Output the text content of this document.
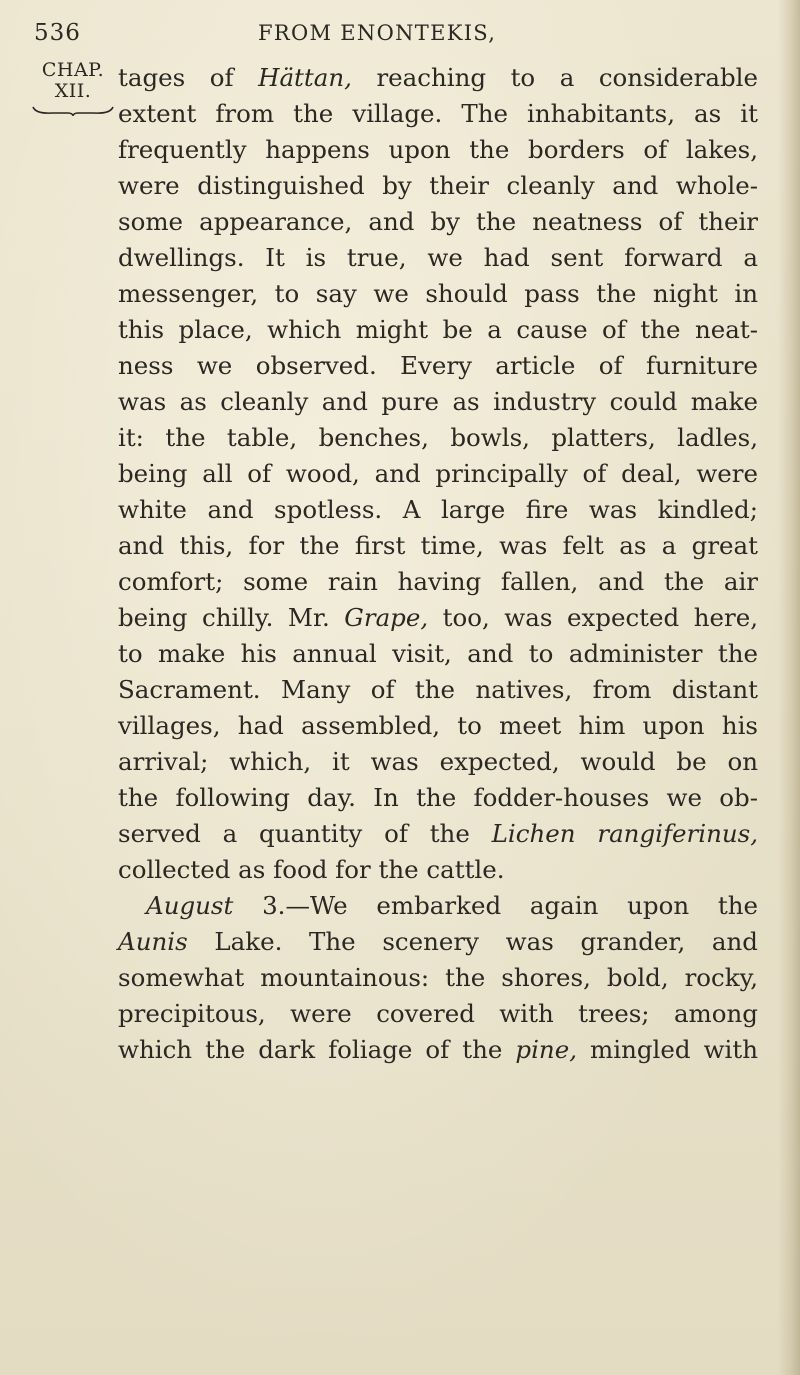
536	FROM ENONTEKIS,
CHAP.
XII.	tages of Hättan, reaching to a considerable
extent from the village. The inhabitants, as it
frequently happens upon the borders of lakes,
were distinguished by their cleanly and whole-
some appearance, and by the neatness of their
dwellings. It is true, we had sent forward a
messenger, to say we should pass the night in
this place, which might be a cause of the neat-
ness we observed. Every article of furniture
was as cleanly and pure as industry could make
it: the table, benches, bowls, platters, ladles,
being all of wood, and principally of deal, were
white and spotless. A large fire was kindled;
and this, for the first time, was felt as a great
comfort; some rain having fallen, and the air
being chilly. Mr. Grape, too, was expected here,
to make his annual visit, and to administer the
Sacrament. Many of the natives, from distant
villages, had assembled, to meet him upon his
arrival; which, it was expected, would be on
the following day. In the fodder-houses we ob-
served a quantity of the Lichen rangiferinus,
collected as food for the cattle.
August 3.—We embarked again upon the
Aunis Lake. The scenery was grander, and
somewhat mountainous: the shores, bold, rocky,
precipitous, were covered with trees; among
which the dark foliage of the pine, mingled with
